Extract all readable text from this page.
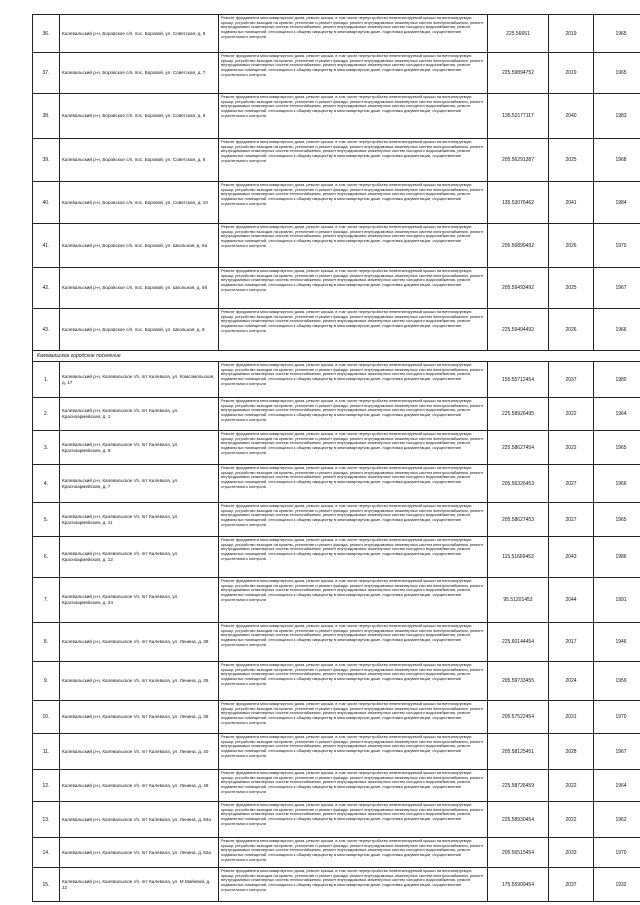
36.	Калевальский р-н, Боровское с/п, пос. Боровой, ул. Советская, д. 6	Ремонт фундамента многоквартирного дома, ремонт крыши, в том числе переустройство невентилируемой крыши на вентилируемую крышу, устройство выходов на кровлю, утепление и ремонт фасада, ремонт внутридомовых инженерных систем электроснабжения, ремонт внутридомовых инженерных систем теплоснабжения, ремонт внутридомовых инженерных систем холодного водоснабжения, ремонт подвальных помещений, относящихся к общему имуществу в многоквартирном доме, подготовка документации, осуществление строительного контроля	225.56651	2019	1965
37.	Калевальский р-н, Боровское с/п, пос. Боровой, ул. Советская, д. 7	Ремонт фундамента многоквартирного дома, ремонт крыши, в том числе переустройство невентилируемой крыши на вентилируемую крышу, устройство выходов на кровлю, утепление и ремонт фасада, ремонт внутридомовых инженерных систем электроснабжения, ремонт внутридомовых инженерных систем теплоснабжения, ремонт внутридомовых инженерных систем холодного водоснабжения, ремонт подвальных помещений, относящихся к общему имуществу в многоквартирном доме, подготовка документации, осуществление строительного контроля	225.59894752	2019	1965
38.	Калевальский р-н, Боровское с/п, пос. Боровой, ул. Советская, д. 8	Ремонт фундамента многоквартирного дома, ремонт крыши, в том числе переустройство невентилируемой крыши на вентилируемую крышу, устройство выходов на кровлю, утепление и ремонт фасада, ремонт внутридомовых инженерных систем электроснабжения, ремонт внутридомовых инженерных систем теплоснабжения, ремонт внутридомовых инженерных систем холодного водоснабжения, ремонт подвальных помещений, относящихся к общему имуществу в многоквартирном доме, подготовка документации, осуществление строительного контроля	135.52177117	2040	1983
39.	Калевальский р-н, Боровское с/п, пос. Боровой, ул. Советская, д. 9	Ремонт фундамента многоквартирного дома, ремонт крыши, в том числе переустройство невентилируемой крыши на вентилируемую крышу, устройство выходов на кровлю, утепление и ремонт фасада, ремонт внутридомовых инженерных систем электроснабжения, ремонт внутридомовых инженерных систем теплоснабжения, ремонт внутридомовых инженерных систем холодного водоснабжения, ремонт подвальных помещений, относящихся к общему имуществу в многоквартирном доме, подготовка документации, осуществление строительного контроля	205.56291387	2025	1968
40.	Калевальский р-н, Боровское с/п, пос. Боровой, ул. Советская, д. 10	Ремонт фундамента многоквартирного дома, ремонт крыши, в том числе переустройство невентилируемой крыши на вентилируемую крышу, устройство выходов на кровлю, утепление и ремонт фасада, ремонт внутридомовых инженерных систем электроснабжения, ремонт внутридомовых инженерных систем теплоснабжения, ремонт внутридомовых инженерных систем холодного водоснабжения, ремонт подвальных помещений, относящихся к общему имуществу в многоквартирном доме, подготовка документации, осуществление строительного контроля	135.53076462	2041	1984
41.	Калевальский р-н, Боровское с/п, пос. Боровой, ул. Школьная, д. 6а	Ремонт фундамента многоквартирного дома, ремонт крыши, в том числе переустройство невентилируемой крыши на вентилируемую крышу, устройство выходов на кровлю, утепление и ремонт фасада, ремонт внутридомовых инженерных систем электроснабжения, ремонт внутридомовых инженерных систем теплоснабжения, ремонт внутридомовых инженерных систем холодного водоснабжения, ремонт подвальных помещений, относящихся к общему имуществу в многоквартирном доме, подготовка документации, осуществление строительного контроля	205.56899492	2026	1970
42.	Калевальский р-н, Боровское с/п, пос. Боровой, ул. Школьная, д. 6б	Ремонт фундамента многоквартирного дома, ремонт крыши, в том числе переустройство невентилируемой крыши на вентилируемую крышу, устройство выходов на кровлю, утепление и ремонт фасада, ремонт внутридомовых инженерных систем электроснабжения, ремонт внутридомовых инженерных систем теплоснабжения, ремонт внутридомовых инженерных систем холодного водоснабжения, ремонт подвальных помещений, относящихся к общему имуществу в многоквартирном доме, подготовка документации, осуществление строительного контроля	205.59493492	2025	1967
43.	Калевальский р-н, Боровское с/п, пос. Боровой, ул. Школьная, д. 8	Ремонт фундамента многоквартирного дома, ремонт крыши, в том числе переустройство невентилируемой крыши на вентилируемую крышу, устройство выходов на кровлю, утепление и ремонт фасада, ремонт внутридомовых инженерных систем электроснабжения, ремонт внутридомовых инженерных систем теплоснабжения, ремонт внутридомовых инженерных систем холодного водоснабжения, ремонт подвальных помещений, относящихся к общему имуществу в многоквартирном доме, подготовка документации, осуществление строительного контроля	225.59494492	2026	1966
Калевальское городское поселение					
1.	Калевальский р-н, Калевальское г/п, пгт Калевала, ул. Комсомольская, д. 17	Ремонт фундамента многоквартирного дома, ремонт крыши, в том числе переустройство невентилируемой крыши на вентилируемую крышу, устройство выходов на кровлю, утепление и ремонт фасада, ремонт внутридомовых инженерных систем электроснабжения, ремонт внутридомовых инженерных систем теплоснабжения, ремонт внутридомовых инженерных систем холодного водоснабжения, ремонт подвальных помещений, относящихся к общему имуществу в многоквартирном доме, подготовка документации, осуществление строительного контроля	155.55712454	2037	1980
2.	Калевальский р-н, Калевальское г/п, пгт Калевала, ул. Красноармейская, д. 1	Ремонт фундамента многоквартирного дома, ремонт крыши, в том числе переустройство невентилируемой крыши на вентилируемую крышу, устройство выходов на кровлю, утепление и ремонт фасада, ремонт внутридомовых инженерных систем электроснабжения, ремонт внутридомовых инженерных систем теплоснабжения, ремонт внутридомовых инженерных систем холодного водоснабжения, ремонт подвальных помещений, относящихся к общему имуществу в многоквартирном доме, подготовка документации, осуществление строительного контроля	225.58926495	2022	1964
3.	Калевальский р-н, Калевальское г/п, пгт Калевала, ул. Красноармейская, д. 6	Ремонт фундамента многоквартирного дома, ремонт крыши, в том числе переустройство невентилируемой крыши на вентилируемую крышу, устройство выходов на кровлю, утепление и ремонт фасада, ремонт внутридомовых инженерных систем электроснабжения, ремонт внутридомовых инженерных систем теплоснабжения, ремонт внутридомовых инженерных систем холодного водоснабжения, ремонт подвальных помещений, относящихся к общему имуществу в многоквартирном доме, подготовка документации, осуществление строительного контроля	225.58627454	2022	1965
4.	Калевальский р-н, Калевальское г/п, пгт Калевала, ул. Красноармейская, д. 7	Ремонт фундамента многоквартирного дома, ремонт крыши, в том числе переустройство невентилируемой крыши на вентилируемую крышу, устройство выходов на кровлю, утепление и ремонт фасада, ремонт внутридомовых инженерных систем электроснабжения, ремонт внутридомовых инженерных систем теплоснабжения, ремонт внутридомовых инженерных систем холодного водоснабжения, ремонт подвальных помещений, относящихся к общему имуществу в многоквартирном доме, подготовка документации, осуществление строительного контроля	205.56326453	2027	1966
5.	Калевальский р-н, Калевальское г/п, пгт Калевала, ул. Красноармейская, д. 11	Ремонт фундамента многоквартирного дома, ремонт крыши, в том числе переустройство невентилируемой крыши на вентилируемую крышу, устройство выходов на кровлю, утепление и ремонт фасада, ремонт внутридомовых инженерных систем электроснабжения, ремонт внутридомовых инженерных систем теплоснабжения, ремонт внутридомовых инженерных систем холодного водоснабжения, ремонт подвальных помещений, относящихся к общему имуществу в многоквартирном доме, подготовка документации, осуществление строительного контроля	205.58627453	2027	1965
6.	Калевальский р-н, Калевальское г/п, пгт Калевала, ул. Красноармейская, д. 12	Ремонт фундамента многоквартирного дома, ремонт крыши, в том числе переустройство невентилируемой крыши на вентилируемую крышу, устройство выходов на кровлю, утепление и ремонт фасада, ремонт внутридомовых инженерных систем электроснабжения, ремонт внутридомовых инженерных систем теплоснабжения, ремонт внутридомовых инженерных систем холодного водоснабжения, ремонт подвальных помещений, относящихся к общему имуществу в многоквартирном доме, подготовка документации, осуществление строительного контроля	115.51669453	2043	1986
7.	Калевальский р-н, Калевальское г/п, пгт Калевала, ул. Красноармейская, д. 24	Ремонт фундамента многоквартирного дома, ремонт крыши, в том числе переустройство невентилируемой крыши на вентилируемую крышу, устройство выходов на кровлю, утепление и ремонт фасада, ремонт внутридомовых инженерных систем электроснабжения, ремонт внутридомовых инженерных систем теплоснабжения, ремонт внутридомовых инженерных систем холодного водоснабжения, ремонт подвальных помещений, относящихся к общему имуществу в многоквартирном доме, подготовка документации, осуществление строительного контроля	95.51201453	2044	1991
8.	Калевальский р-н, Калевальское г/п, пгт Калевала, ул. Ленина, д. 38	Ремонт фундамента многоквартирного дома, ремонт крыши, в том числе переустройство невентилируемой крыши на вентилируемую крышу, устройство выходов на кровлю, утепление и ремонт фасада, ремонт внутридомовых инженерных систем электроснабжения, ремонт внутридомовых инженерных систем теплоснабжения, ремонт внутридомовых инженерных систем холодного водоснабжения, ремонт подвальных помещений, относящихся к общему имуществу в многоквартирном доме, подготовка документации, осуществление строительного контроля	225.60144454	2017	1946
9.	Калевальский р-н, Калевальское г/п, пгт Калевала, ул. Ленина, д. 36	Ремонт фундамента многоквартирного дома, ремонт крыши, в том числе переустройство невентилируемой крыши на вентилируемую крышу, устройство выходов на кровлю, утепление и ремонт фасада, ремонт внутридомовых инженерных систем электроснабжения, ремонт внутридомовых инженерных систем теплоснабжения, ремонт внутридомовых инженерных систем холодного водоснабжения, ремонт подвальных помещений, относящихся к общему имуществу в многоквартирном доме, подготовка документации, осуществление строительного контроля	205.59733455	2024	1959
10.	Калевальский р-н, Калевальское г/п, пгт Калевала, ул. Ленина, д. 38	Ремонт фундамента многоквартирного дома, ремонт крыши, в том числе переустройство невентилируемой крыши на вентилируемую крышу, устройство выходов на кровлю, утепление и ремонт фасада, ремонт внутридомовых инженерных систем электроснабжения, ремонт внутридомовых инженерных систем теплоснабжения, ремонт внутридомовых инженерных систем холодного водоснабжения, ремонт подвальных помещений, относящихся к общему имуществу в многоквартирном доме, подготовка документации, осуществление строительного контроля	205.57522454	2031	1970
11.	Калевальский р-н, Калевальское г/п, пгт Калевала, ул. Ленина, д. 40	Ремонт фундамента многоквартирного дома, ремонт крыши, в том числе переустройство невентилируемой крыши на вентилируемую крышу, устройство выходов на кровлю, утепление и ремонт фасада, ремонт внутридомовых инженерных систем электроснабжения, ремонт внутридомовых инженерных систем теплоснабжения, ремонт внутридомовых инженерных систем холодного водоснабжения, ремонт подвальных помещений, относящихся к общему имуществу в многоквартирном доме, подготовка документации, осуществление строительного контроля	205.58125451	2028	1967
12.	Калевальский р-н, Калевальское г/п, пгт Калевала, ул. Ленина, д. 49	Ремонт фундамента многоквартирного дома, ремонт крыши, в том числе переустройство невентилируемой крыши на вентилируемую крышу, устройство выходов на кровлю, утепление и ремонт фасада, ремонт внутридомовых инженерных систем электроснабжения, ремонт внутридомовых инженерных систем теплоснабжения, ремонт внутридомовых инженерных систем холодного водоснабжения, ремонт подвальных помещений, относящихся к общему имуществу в многоквартирном доме, подготовка документации, осуществление строительного контроля	225.58726459	2022	1964
13.	Калевальский р-н, Калевальское г/п, пгт Калевала, ул. Ленина, д. 84а	Ремонт фундамента многоквартирного дома, ремонт крыши, в том числе переустройство невентилируемой крыши на вентилируемую крышу, устройство выходов на кровлю, утепление и ремонт фасада, ремонт внутридомовых инженерных систем электроснабжения, ремонт внутридомовых инженерных систем теплоснабжения, ремонт внутридомовых инженерных систем холодного водоснабжения, ремонт подвальных помещений, относящихся к общему имуществу в многоквартирном доме, подготовка документации, осуществление строительного контроля	225.58930454	2022	1962
14.	Калевальский р-н, Калевальское г/п, пгт Калевала, ул. Ленина, д. 82а	Ремонт фундамента многоквартирного дома, ремонт крыши, в том числе переустройство невентилируемой крыши на вентилируемую крышу, устройство выходов на кровлю, утепление и ремонт фасада, ремонт внутридомовых инженерных систем электроснабжения, ремонт внутридомовых инженерных систем теплоснабжения, ремонт внутридомовых инженерных систем холодного водоснабжения, ремонт подвальных помещений, относящихся к общему имуществу в многоквартирном доме, подготовка документации, осуществление строительного контроля	205.56515454	2033	1970
15.	Калевальский р-н, Калевальское г/п, пгт Калевала, ул. М.Майнвой, д. 22	Ремонт фундамента многоквартирного дома, ремонт крыши, в том числе переустройство невентилируемой крыши на вентилируемую крышу, устройство выходов на кровлю, утепление и ремонт фасада, ремонт внутридомовых инженерных систем электроснабжения, ремонт внутридомовых инженерных систем теплоснабжения, ремонт внутридомовых инженерных систем холодного водоснабжения, ремонт подвальных помещений, относящихся к общему имуществу в многоквартирном доме, подготовка документации, осуществление строительного контроля	175.55909454	2037	1932
